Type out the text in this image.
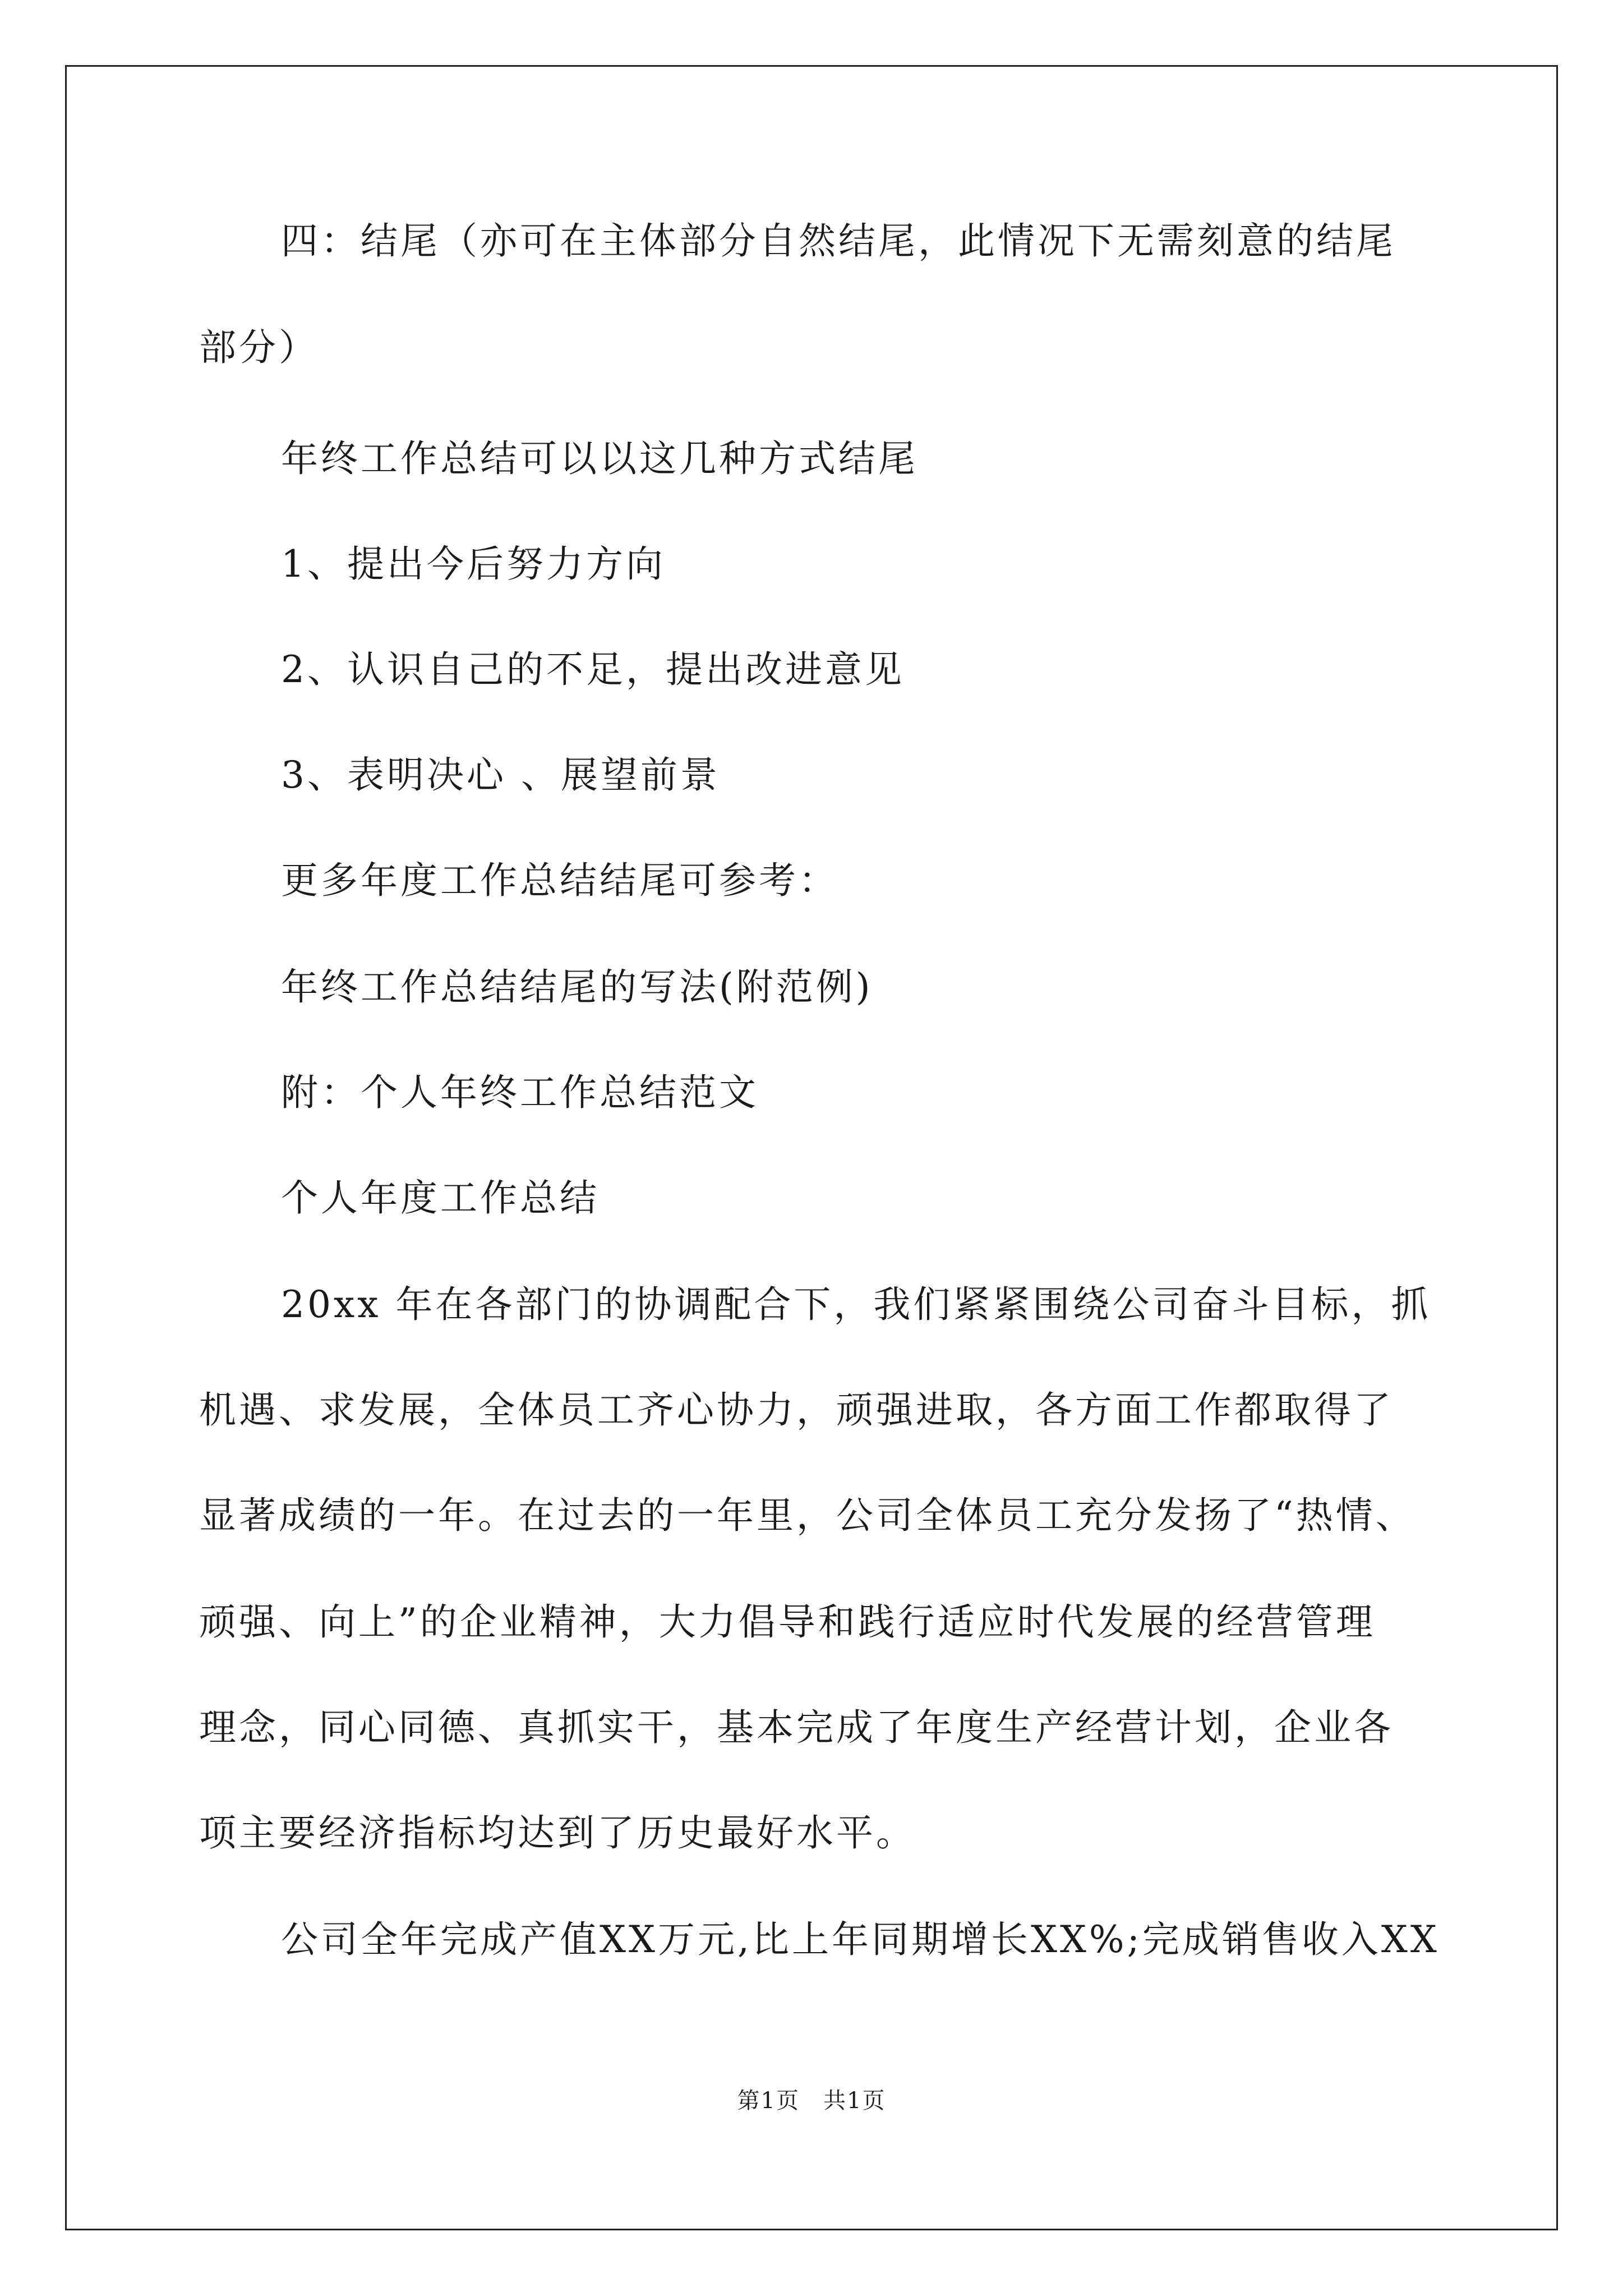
四：结尾（亦可在主体部分自然结尾，此情况下无需刻意的结尾
部分）
年终工作总结可以以这几种方式结尾
1、提出今后努力方向
2、认识自己的不足，提出改进意见
3、表明决心 、展望前景
更多年度工作总结结尾可参考：
年终工作总结结尾的写法(附范例)
附：个人年终工作总结范文
个人年度工作总结
20xx 年在各部门的协调配合下，我们紧紧围绕公司奋斗目标，抓
机遇、求发展，全体员工齐心协力，顽强进取，各方面工作都取得了
显著成绩的一年。在过去的一年里，公司全体员工充分发扬了“热情、
顽强、向上”的企业精神，大力倡导和践行适应时代发展的经营管理
理念，同心同德、真抓实干，基本完成了年度生产经营计划，企业各
项主要经济指标均达到了历史最好水平。
公司全年完成产值XX万元,比上年同期增长XX%;完成销售收入XX
第1页　共1页
